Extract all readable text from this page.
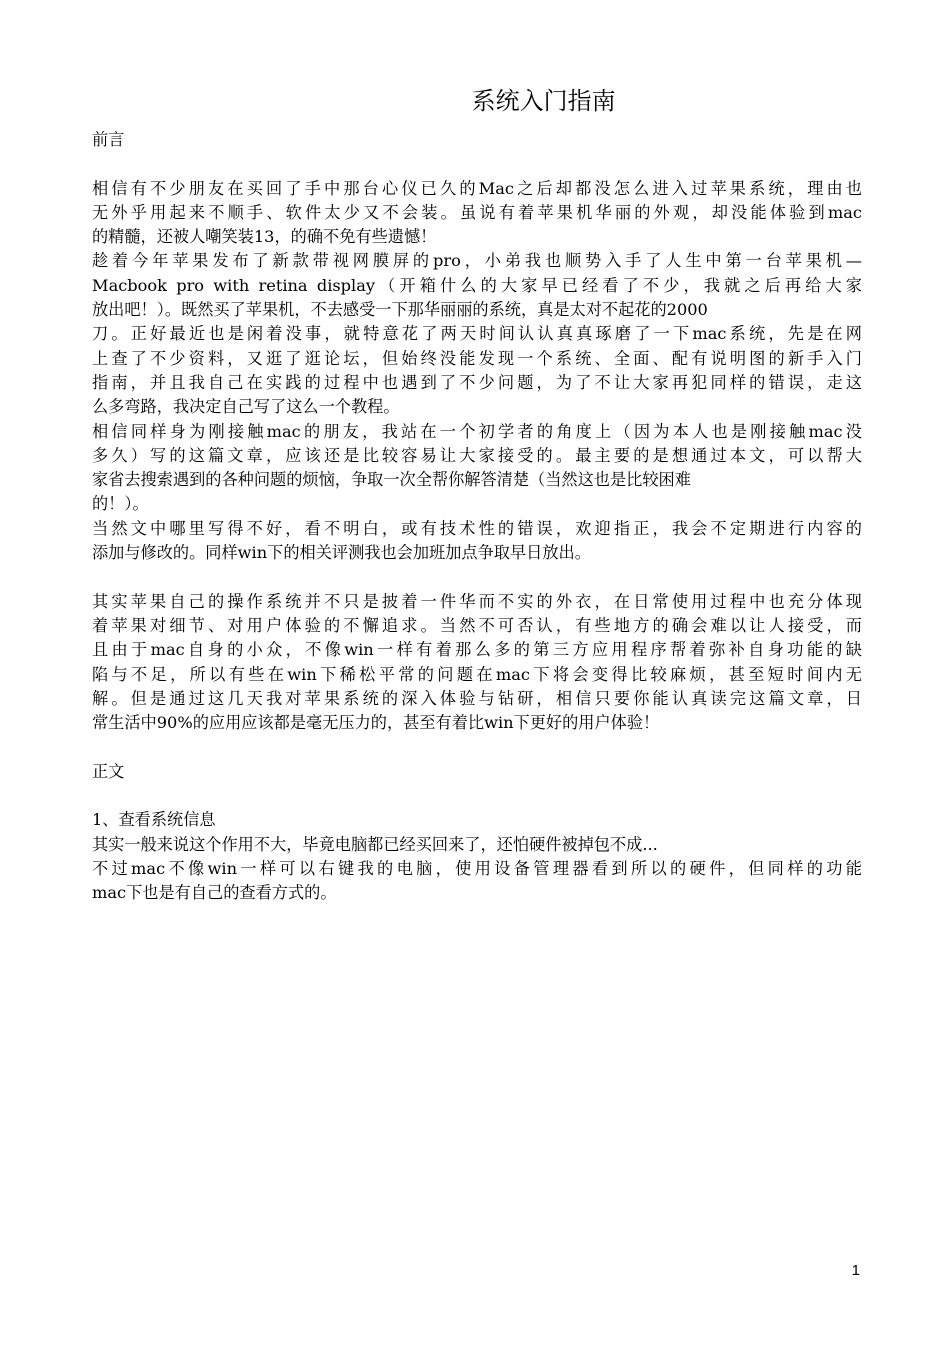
系统入门指南

前言

相信有不少朋友在买回了手中那台心仪已久的Mac之后却都没怎么进入过苹果系统，理由也

无外乎用起来不顺手、软件太少又不会装。虽说有着苹果机华丽的外观，却没能体验到mac

的精髓，还被人嘲笑装13，的确不免有些遗憾！

趁着今年苹果发布了新款带视网膜屏的pro，小弟我也顺势入手了人生中第一台苹果机—

Macbook pro with retina display（开箱什么的大家早已经看了不少，我就之后再给大家

放出吧！）。既然买了苹果机，不去感受一下那华丽丽的系统，真是太对不起花的2000

刀。正好最近也是闲着没事，就特意花了两天时间认认真真琢磨了一下mac系统，先是在网

上查了不少资料，又逛了逛论坛，但始终没能发现一个系统、全面、配有说明图的新手入门

指南，并且我自己在实践的过程中也遇到了不少问题，为了不让大家再犯同样的错误，走这

么多弯路，我决定自己写了这么一个教程。

相信同样身为刚接触mac的朋友，我站在一个初学者的角度上（因为本人也是刚接触mac没

多久）写的这篇文章，应该还是比较容易让大家接受的。最主要的是想通过本文，可以帮大

家省去搜索遇到的各种问题的烦恼，争取一次全帮你解答清楚（当然这也是比较困难

的！）。

当然文中哪里写得不好，看不明白，或有技术性的错误，欢迎指正，我会不定期进行内容的

添加与修改的。同样win下的相关评测我也会加班加点争取早日放出。

其实苹果自己的操作系统并不只是披着一件华而不实的外衣，在日常使用过程中也充分体现

着苹果对细节、对用户体验的不懈追求。当然不可否认，有些地方的确会难以让人接受，而

且由于mac自身的小众，不像win一样有着那么多的第三方应用程序帮着弥补自身功能的缺

陷与不足，所以有些在win下稀松平常的问题在mac下将会变得比较麻烦，甚至短时间内无

解。但是通过这几天我对苹果系统的深入体验与钻研，相信只要你能认真读完这篇文章，日

常生活中90%的应用应该都是毫无压力的，甚至有着比win下更好的用户体验！

正文

1、查看系统信息

其实一般来说这个作用不大，毕竟电脑都已经买回来了，还怕硬件被掉包不成...

不过mac不像win一样可以右键我的电脑，使用设备管理器看到所以的硬件，但同样的功能

mac下也是有自己的查看方式的。

1
